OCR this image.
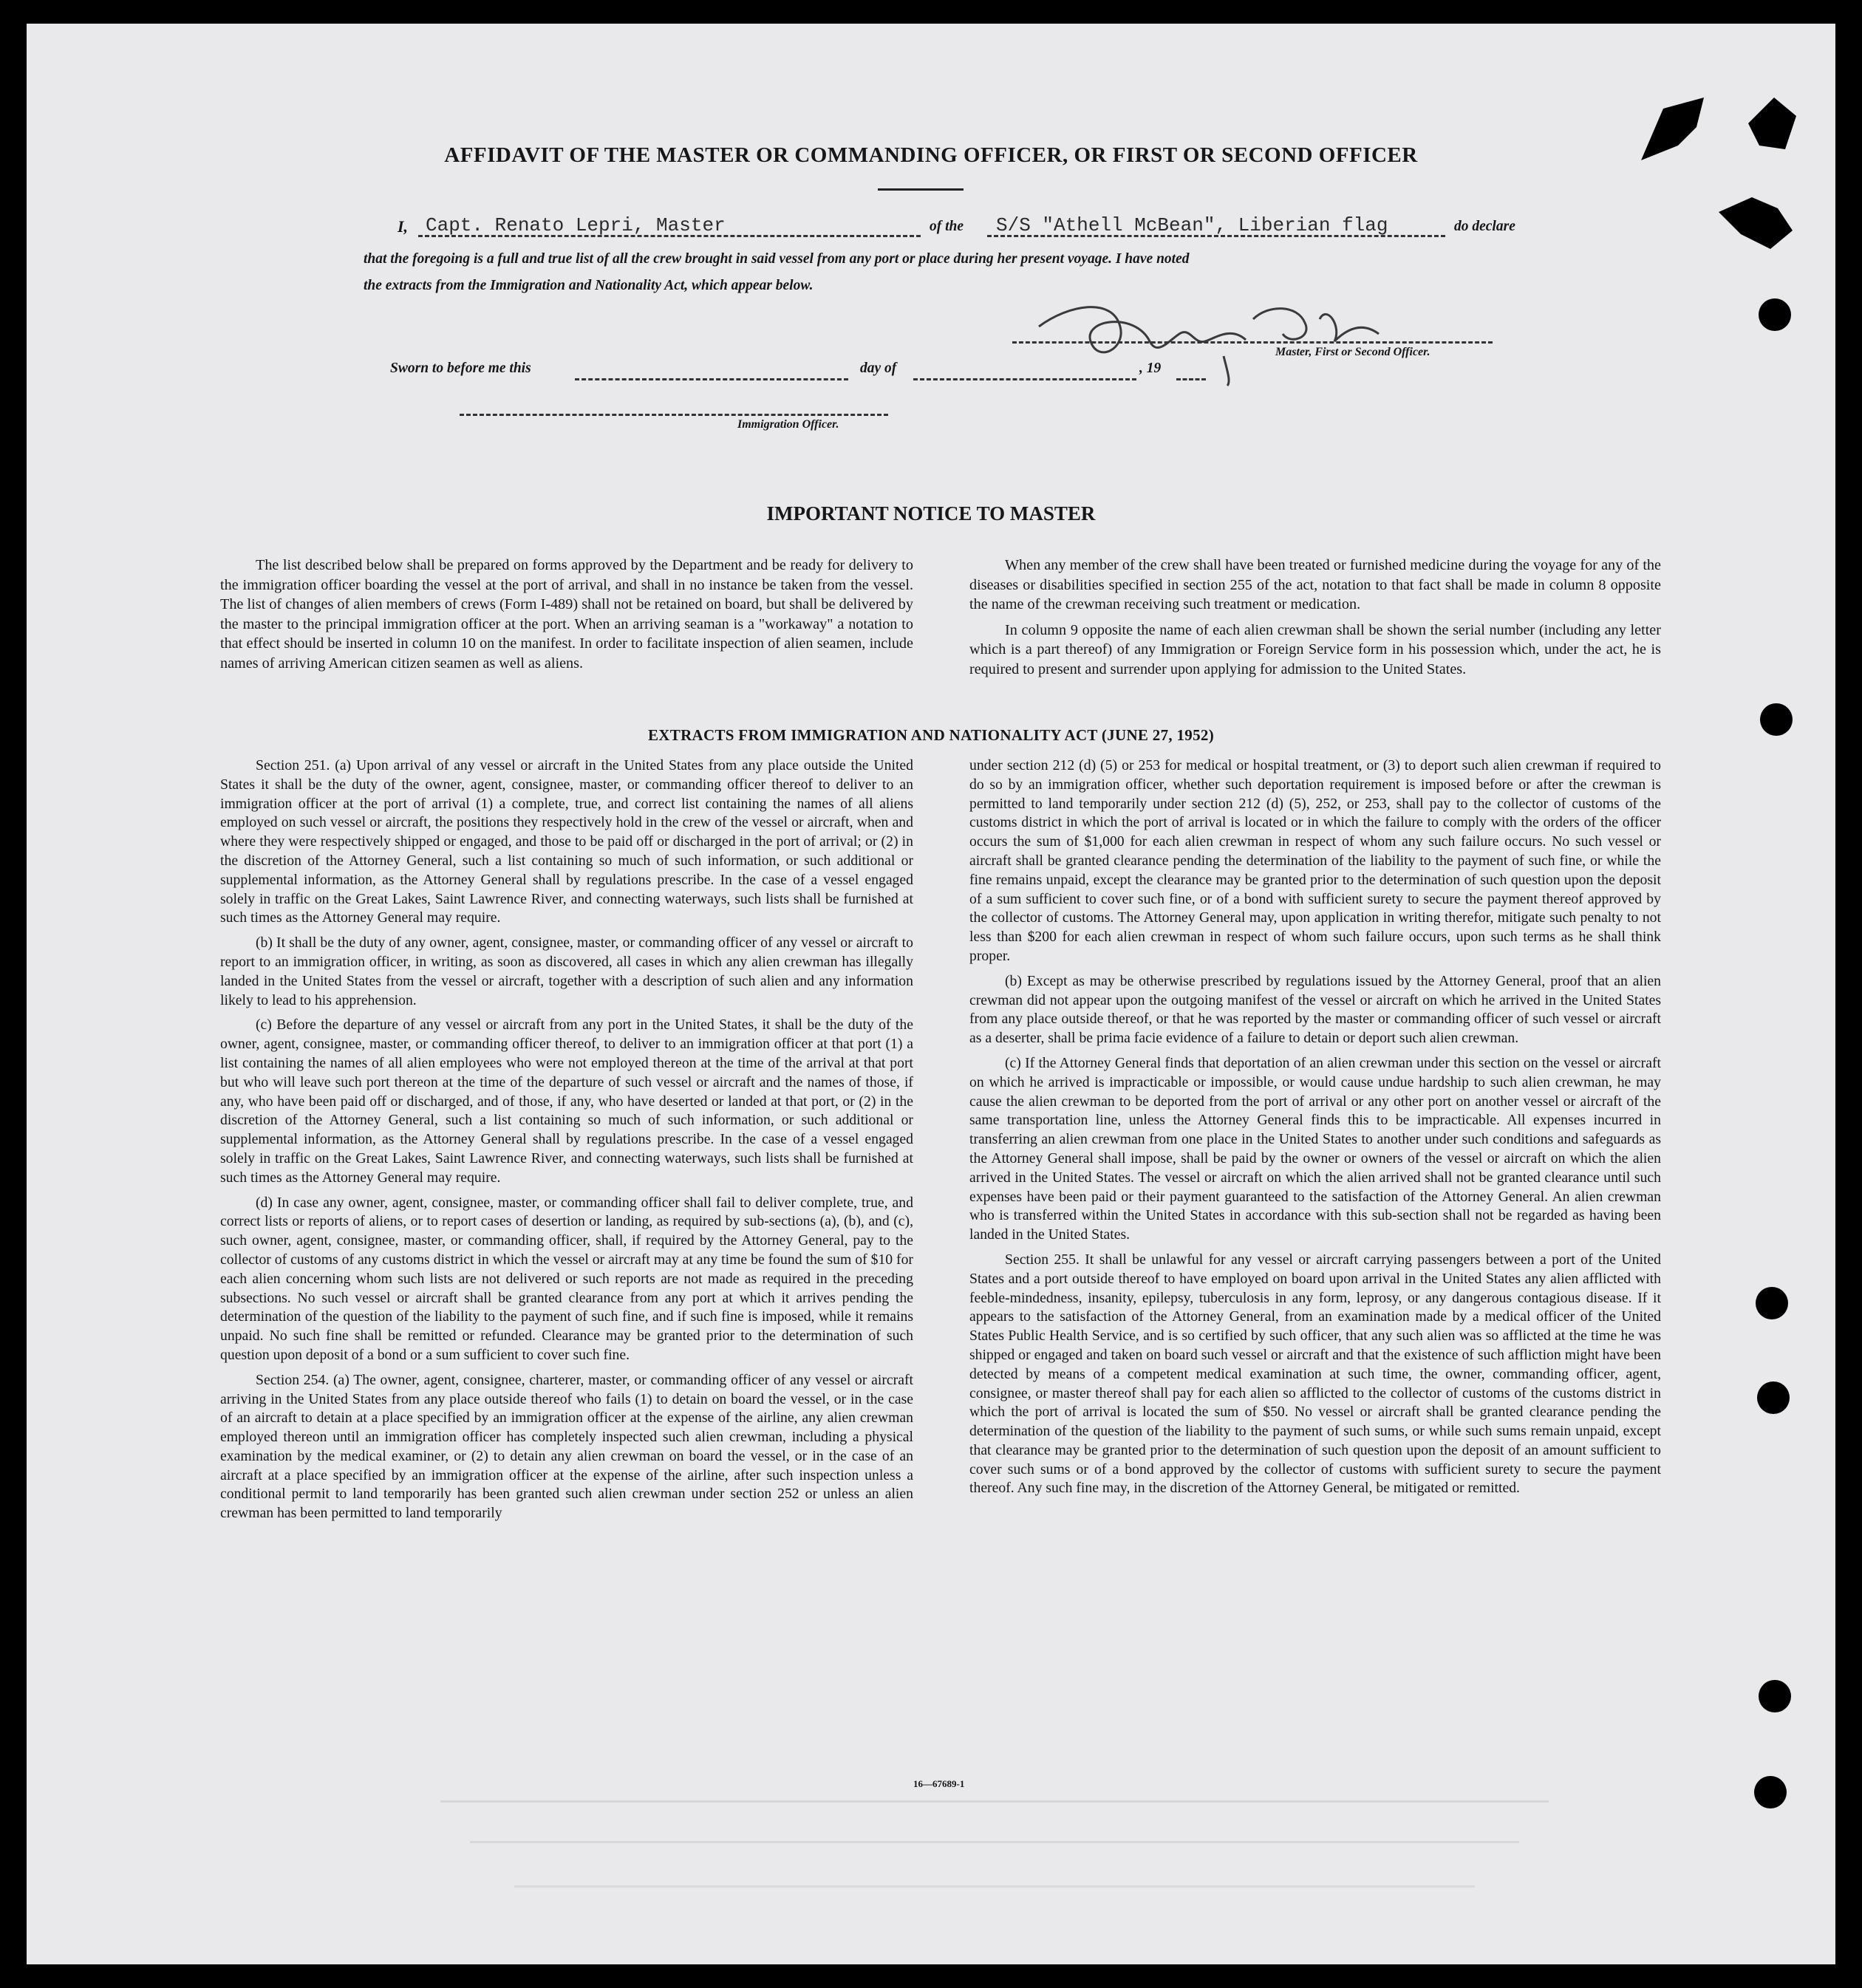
AFFIDAVIT OF THE MASTER OR COMMANDING OFFICER, OR FIRST OR SECOND OFFICER
I, Capt. Renato Lepri, Master	of the S/S "Athell McBean", Liberian flag	do declare
that the foregoing is a full and true list of all the crew brought in said vessel from any port or place during her present voyage. I have noted
the extracts from the Immigration and Nationality Act, which appear below.
Master, First or Second Officer.
Sworn to before me this	day of	, 19
Immigration Officer.
IMPORTANT NOTICE TO MASTER

The list described below shall be prepared on forms approved by the Department and be ready for delivery to the immigration officer boarding the vessel at the port of arrival, and shall in no instance be taken from the vessel. The list of changes of alien members of crews (Form I-489) shall not be retained on board, but shall be delivered by the master to the principal immigration officer at the port. When an arriving seaman is a "workaway" a notation to that effect should be inserted in column 10 on the manifest. In order to facilitate inspection of alien seamen, include names of arriving American citizen seamen as well as aliens.

When any member of the crew shall have been treated or furnished medicine during the voyage for any of the diseases or disabilities specified in section 255 of the act, notation to that fact shall be made in column 8 opposite the name of the crewman receiving such treatment or medication.

In column 9 opposite the name of each alien crewman shall be shown the serial number (including any letter which is a part thereof) of any Immigration or Foreign Service form in his possession which, under the act, he is required to present and surrender upon applying for admission to the United States.

EXTRACTS FROM IMMIGRATION AND NATIONALITY ACT (JUNE 27, 1952)

Section 251. (a) Upon arrival of any vessel or aircraft in the United States from any place outside the United States it shall be the duty of the owner, agent, consignee, master, or commanding officer thereof to deliver to an immigration officer at the port of arrival (1) a complete, true, and correct list containing the names of all aliens employed on such vessel or aircraft, the positions they respectively hold in the crew of the vessel or aircraft, when and where they were respectively shipped or engaged, and those to be paid off or discharged in the port of arrival; or (2) in the discretion of the Attorney General, such a list containing so much of such information, or such additional or supplemental information, as the Attorney General shall by regulations prescribe. In the case of a vessel engaged solely in traffic on the Great Lakes, Saint Lawrence River, and connecting waterways, such lists shall be furnished at such times as the Attorney General may require.

(b) It shall be the duty of any owner, agent, consignee, master, or commanding officer of any vessel or aircraft to report to an immigration officer, in writing, as soon as discovered, all cases in which any alien crewman has illegally landed in the United States from the vessel or aircraft, together with a description of such alien and any information likely to lead to his apprehension.

(c) Before the departure of any vessel or aircraft from any port in the United States, it shall be the duty of the owner, agent, consignee, master, or commanding officer thereof, to deliver to an immigration officer at that port (1) a list containing the names of all alien employees who were not employed thereon at the time of the arrival at that port but who will leave such port thereon at the time of the departure of such vessel or aircraft and the names of those, if any, who have been paid off or discharged, and of those, if any, who have deserted or landed at that port, or (2) in the discretion of the Attorney General, such a list containing so much of such information, or such additional or supplemental information, as the Attorney General shall by regulations prescribe. In the case of a vessel engaged solely in traffic on the Great Lakes, Saint Lawrence River, and connecting waterways, such lists shall be furnished at such times as the Attorney General may require.

(d) In case any owner, agent, consignee, master, or commanding officer shall fail to deliver complete, true, and correct lists or reports of aliens, or to report cases of desertion or landing, as required by sub-sections (a), (b), and (c), such owner, agent, consignee, master, or commanding officer, shall, if required by the Attorney General, pay to the collector of customs of any customs district in which the vessel or aircraft may at any time be found the sum of $10 for each alien concerning whom such lists are not delivered or such reports are not made as required in the preceding subsections. No such vessel or aircraft shall be granted clearance from any port at which it arrives pending the determination of the question of the liability to the payment of such fine, and if such fine is imposed, while it remains unpaid. No such fine shall be remitted or refunded. Clearance may be granted prior to the determination of such question upon deposit of a bond or a sum sufficient to cover such fine.

Section 254. (a) The owner, agent, consignee, charterer, master, or commanding officer of any vessel or aircraft arriving in the United States from any place outside thereof who fails (1) to detain on board the vessel, or in the case of an aircraft to detain at a place specified by an immigration officer at the expense of the airline, any alien crewman employed thereon until an immigration officer has completely inspected such alien crewman, including a physical examination by the medical examiner, or (2) to detain any alien crewman on board the vessel, or in the case of an aircraft at a place specified by an immigration officer at the expense of the airline, after such inspection unless a conditional permit to land temporarily has been granted such alien crewman under section 252 or unless an alien crewman has been permitted to land temporarily

under section 212 (d) (5) or 253 for medical or hospital treatment, or (3) to deport such alien crewman if required to do so by an immigration officer, whether such deportation requirement is imposed before or after the crewman is permitted to land temporarily under section 212 (d) (5), 252, or 253, shall pay to the collector of customs of the customs district in which the port of arrival is located or in which the failure to comply with the orders of the officer occurs the sum of $1,000 for each alien crewman in respect of whom any such failure occurs. No such vessel or aircraft shall be granted clearance pending the determination of the liability to the payment of such fine, or while the fine remains unpaid, except the clearance may be granted prior to the determination of such question upon the deposit of a sum sufficient to cover such fine, or of a bond with sufficient surety to secure the payment thereof approved by the collector of customs. The Attorney General may, upon application in writing therefor, mitigate such penalty to not less than $200 for each alien crewman in respect of whom such failure occurs, upon such terms as he shall think proper.

(b) Except as may be otherwise prescribed by regulations issued by the Attorney General, proof that an alien crewman did not appear upon the outgoing manifest of the vessel or aircraft on which he arrived in the United States from any place outside thereof, or that he was reported by the master or commanding officer of such vessel or aircraft as a deserter, shall be prima facie evidence of a failure to detain or deport such alien crewman.

(c) If the Attorney General finds that deportation of an alien crewman under this section on the vessel or aircraft on which he arrived is impracticable or impossible, or would cause undue hardship to such alien crewman, he may cause the alien crewman to be deported from the port of arrival or any other port on another vessel or aircraft of the same transportation line, unless the Attorney General finds this to be impracticable. All expenses incurred in transferring an alien crewman from one place in the United States to another under such conditions and safeguards as the Attorney General shall impose, shall be paid by the owner or owners of the vessel or aircraft on which the alien arrived in the United States. The vessel or aircraft on which the alien arrived shall not be granted clearance until such expenses have been paid or their payment guaranteed to the satisfaction of the Attorney General. An alien crewman who is transferred within the United States in accordance with this sub-section shall not be regarded as having been landed in the United States.

Section 255. It shall be unlawful for any vessel or aircraft carrying passengers between a port of the United States and a port outside thereof to have employed on board upon arrival in the United States any alien afflicted with feeble-mindedness, insanity, epilepsy, tuberculosis in any form, leprosy, or any dangerous contagious disease. If it appears to the satisfaction of the Attorney General, from an examination made by a medical officer of the United States Public Health Service, and is so certified by such officer, that any such alien was so afflicted at the time he was shipped or engaged and taken on board such vessel or aircraft and that the existence of such affliction might have been detected by means of a competent medical examination at such time, the owner, commanding officer, agent, consignee, or master thereof shall pay for each alien so afflicted to the collector of customs of the customs district in which the port of arrival is located the sum of $50. No vessel or aircraft shall be granted clearance pending the determination of the question of the liability to the payment of such sums, or while such sums remain unpaid, except that clearance may be granted prior to the determination of such question upon the deposit of an amount sufficient to cover such sums or of a bond approved by the collector of customs with sufficient surety to secure the payment thereof. Any such fine may, in the discretion of the Attorney General, be mitigated or remitted.

16—67689-1
